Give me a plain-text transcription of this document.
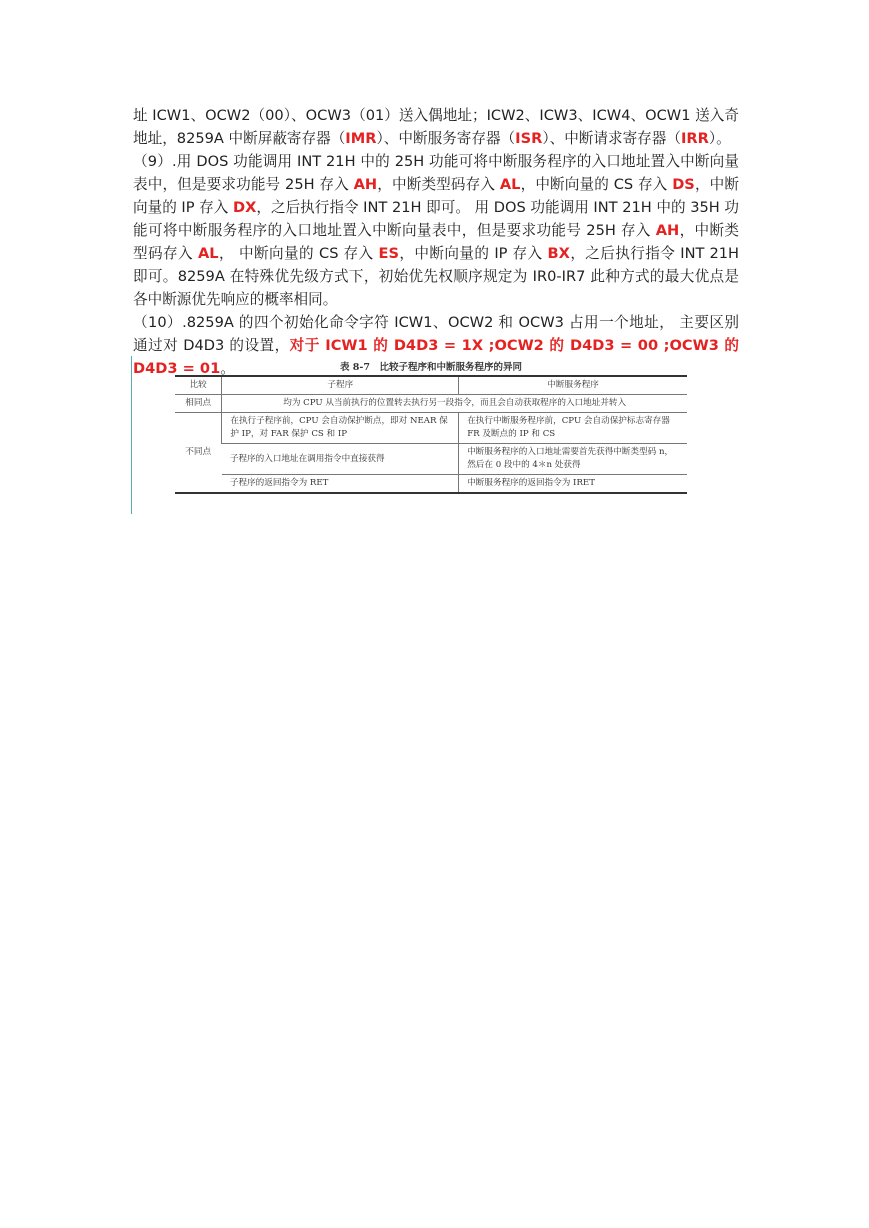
址 ICW1、OCW2（00）、OCW3（01）送入偶地址；ICW2、ICW3、ICW4、OCW1 送入奇地址，8259A 中断屏蔽寄存器（IMR）、中断服务寄存器（ISR）、中断请求寄存器（IRR）。

（9）.用 DOS 功能调用 INT 21H 中的 25H 功能可将中断服务程序的入口地址置入中断向量表中，但是要求功能号 25H 存入 AH，中断类型码存入 AL，中断向量的 CS 存入 DS，中断向量的 IP 存入 DX，之后执行指令 INT 21H 即可。 用 DOS 功能调用 INT 21H 中的 35H 功能可将中断服务程序的入口地址置入中断向量表中，但是要求功能号 25H 存入 AH，中断类型码存入 AL， 中断向量的 CS 存入 ES，中断向量的 IP 存入 BX，之后执行指令 INT 21H 即可。8259A 在特殊优先级方式下，初始优先权顺序规定为 IR0-IR7 此种方式的最大优点是各中断源优先响应的概率相同。

（10）.8259A 的四个初始化命令字符 ICW1、OCW2 和 OCW3 占用一个地址， 主要区别通过对 D4D3 的设置，对于 ICW1 的 D4D3 = 1X ;OCW2 的 D4D3 = 00 ;OCW3 的 D4D3 = 01。	表 8-7　比较子程序和中断服务程序的异同
比较	子程序	中断服务程序
相同点	均为 CPU 从当前执行的位置转去执行另一段指令，而且会自动获取程序的入口地址并转入	
不同点	在执行子程序前，CPU 会自动保护断点，即对 NEAR 保护 IP，对 FAR 保护 CS 和 IP	在执行中断服务程序前，CPU 会自动保护标志寄存器 FR 及断点的 IP 和 CS
	子程序的入口地址在调用指令中直接获得	中断服务程序的入口地址需要首先获得中断类型码 n，然后在 0 段中的 4＊n 处获得
	子程序的返回指令为 RET	中断服务程序的返回指令为 IRET
